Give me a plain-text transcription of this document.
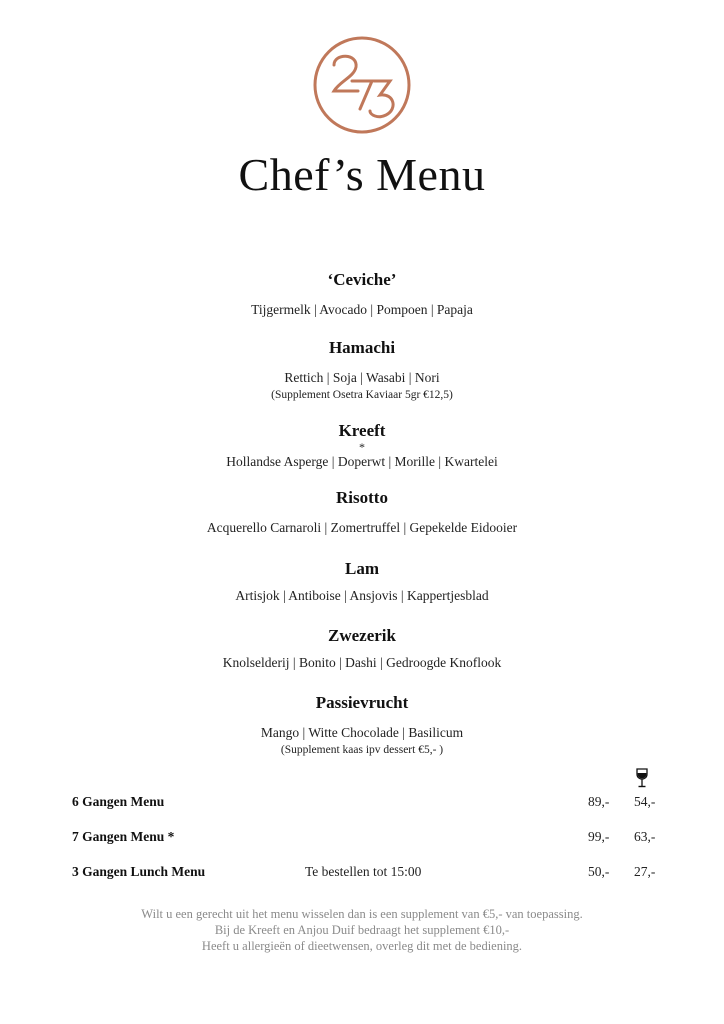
Chef’s Menu
‘Ceviche’
Tijgermelk | Avocado | Pompoen | Papaja
Hamachi
Rettich | Soja | Wasabi | Nori
(Supplement Osetra Kaviaar 5gr €12,5)
Kreeft
*
Hollandse Asperge | Doperwt | Morille | Kwartelei
Risotto
Acquerello Carnaroli | Zomertruffel | Gepekelde Eidooier
Lam
Artisjok | Antiboise | Ansjovis | Kappertjesblad
Zwezerik
Knolselderij | Bonito | Dashi | Gedroogde Knoflook
Passievrucht
Mango | Witte Chocolade | Basilicum
(Supplement kaas ipv dessert €5,- )
6 Gangen Menu	89,- 54,-
7 Gangen Menu *	99,- 63,-
3 Gangen Lunch Menu	Te bestellen tot 15:00	50,- 27,-
Wilt u een gerecht uit het menu wisselen dan is een supplement van €5,- van toepassing.
Bij de Kreeft en Anjou Duif bedraagt het supplement €10,-
Heeft u allergieën of dieetwensen, overleg dit met de bediening.
